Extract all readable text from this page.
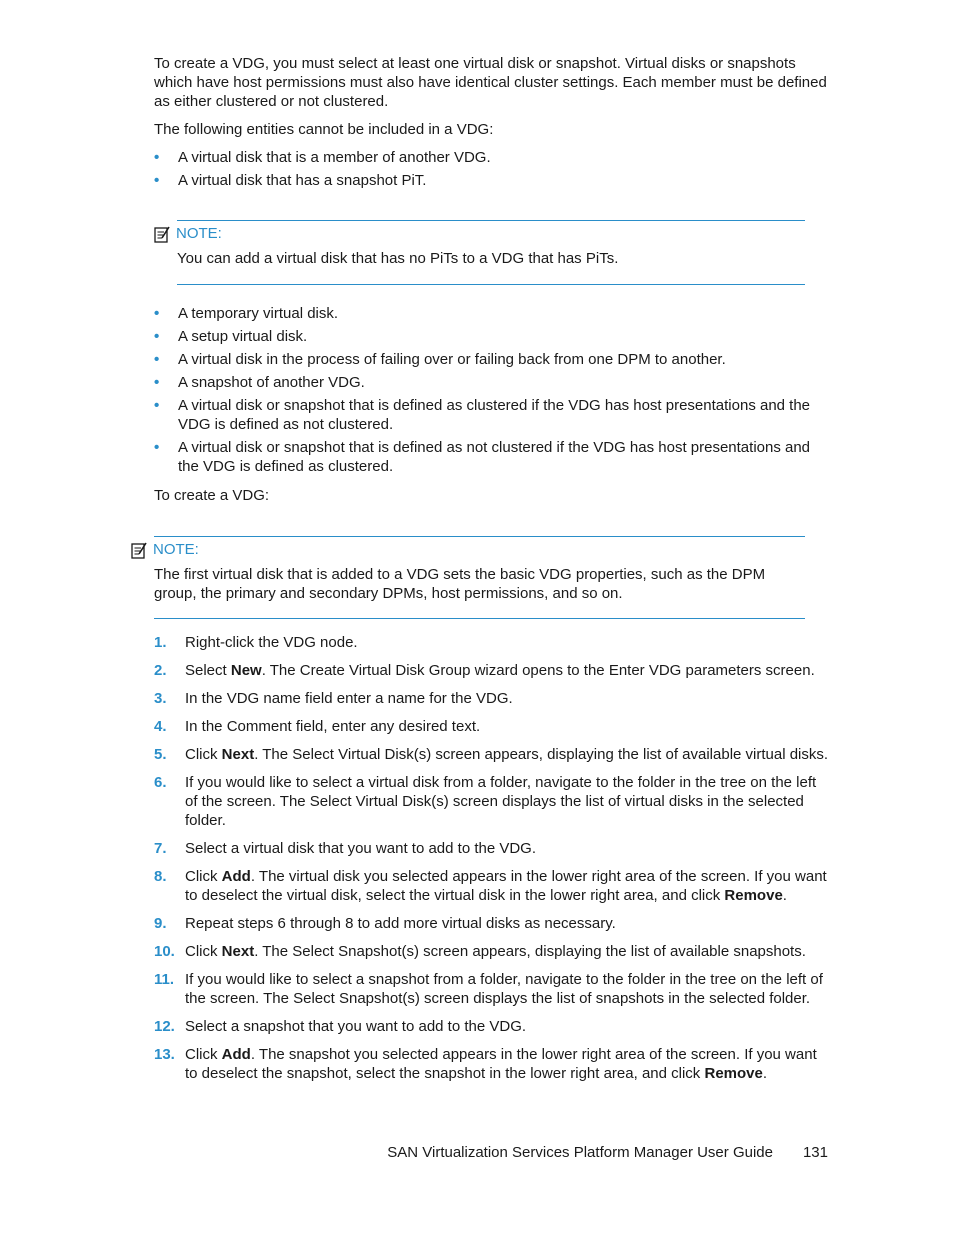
To create a VDG, you must select at least one virtual disk or snapshot. Virtual disks or snapshots which have host permissions must also have identical cluster settings. Each member must be defined as either clustered or not clustered.

The following entities cannot be included in a VDG:

• A virtual disk that is a member of another VDG.
• A virtual disk that has a snapshot PiT.
NOTE:

You can add a virtual disk that has no PiTs to a VDG that has PiTs.

• A temporary virtual disk.
• A setup virtual disk.
• A virtual disk in the process of failing over or failing back from one DPM to another.
• A snapshot of another VDG.
• A virtual disk or snapshot that is defined as clustered if the VDG has host presentations and the VDG is defined as not clustered.
• A virtual disk or snapshot that is defined as not clustered if the VDG has host presentations and the VDG is defined as clustered.

To create a VDG:

NOTE:

The first virtual disk that is added to a VDG sets the basic VDG properties, such as the DPM group, the primary and secondary DPMs, host permissions, and so on.

1. Right-click the VDG node.
2. Select New. The Create Virtual Disk Group wizard opens to the Enter VDG parameters screen.
3. In the VDG name field enter a name for the VDG.
4. In the Comment field, enter any desired text.
5. Click Next. The Select Virtual Disk(s) screen appears, displaying the list of available virtual disks.
6. If you would like to select a virtual disk from a folder, navigate to the folder in the tree on the left of the screen. The Select Virtual Disk(s) screen displays the list of virtual disks in the selected folder.
7. Select a virtual disk that you want to add to the VDG.
8. Click Add. The virtual disk you selected appears in the lower right area of the screen. If you want to deselect the virtual disk, select the virtual disk in the lower right area, and click Remove.
9. Repeat steps 6 through 8 to add more virtual disks as necessary.
10. Click Next. The Select Snapshot(s) screen appears, displaying the list of available snapshots.
11. If you would like to select a snapshot from a folder, navigate to the folder in the tree on the left of the screen. The Select Snapshot(s) screen displays the list of snapshots in the selected folder.
12. Select a snapshot that you want to add to the VDG.
13. Click Add. The snapshot you selected appears in the lower right area of the screen. If you want to deselect the snapshot, select the snapshot in the lower right area, and click Remove.
SAN Virtualization Services Platform Manager User Guide 131
